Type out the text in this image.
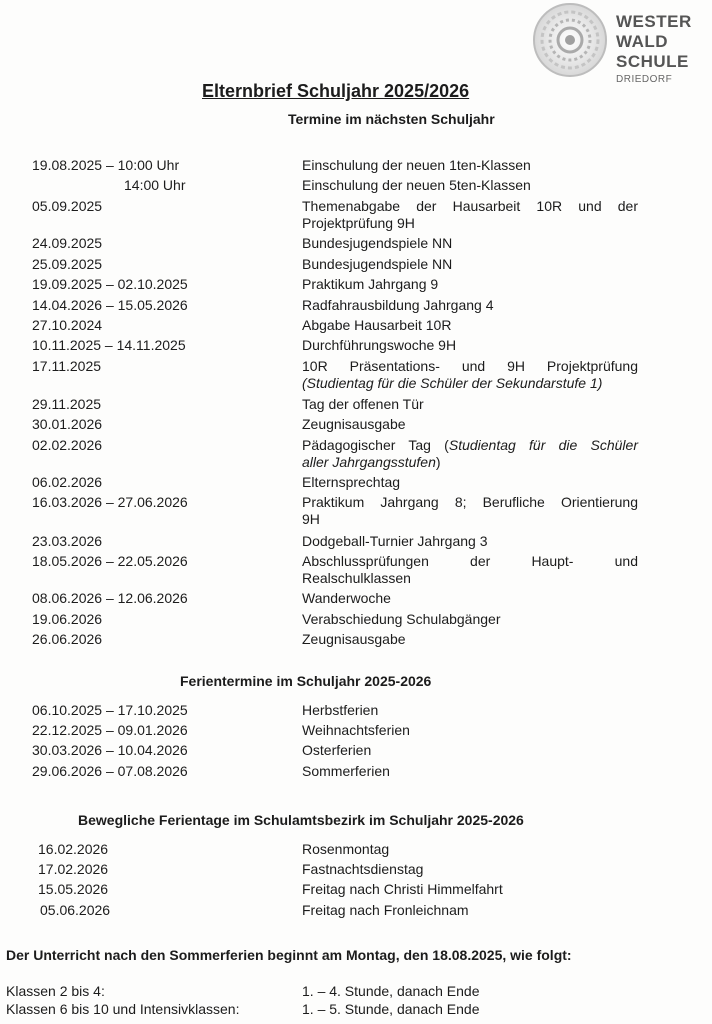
WESTER
WALD
SCHULE
DRIEDORF
Elternbrief Schuljahr 2025/2026
Termine im nächsten Schuljahr
19.08.2025 – 10:00 Uhr	Einschulung der neuen 1ten-Klassen
14:00 Uhr	Einschulung der neuen 5ten-Klassen
05.09.2025	Themenabgabe der Hausarbeit 10R und der
Projektprüfung 9H
24.09.2025	Bundesjugendspiele NN
25.09.2025	Bundesjugendspiele NN
19.09.2025 – 02.10.2025	Praktikum Jahrgang 9
14.04.2026 – 15.05.2026	Radfahrausbildung Jahrgang 4
27.10.2024	Abgabe Hausarbeit 10R
10.11.2025 – 14.11.2025	Durchführungswoche 9H
17.11.2025	10R Präsentations- und 9H Projektprüfung
(Studientag für die Schüler der Sekundarstufe 1)
29.11.2025	Tag der offenen Tür
30.01.2026	Zeugnisausgabe
02.02.2026	Pädagogischer Tag (Studientag für die Schüler
aller Jahrgangsstufen)
06.02.2026	Elternsprechtag
16.03.2026 – 27.06.2026	Praktikum Jahrgang 8; Berufliche Orientierung
9H
23.03.2026	Dodgeball-Turnier Jahrgang 3
18.05.2026 – 22.05.2026	Abschlussprüfungen der Haupt- und
Realschulklassen
08.06.2026 – 12.06.2026	Wanderwoche
19.06.2026	Verabschiedung Schulabgänger
26.06.2026	Zeugnisausgabe
Ferientermine im Schuljahr 2025-2026
06.10.2025 – 17.10.2025	Herbstferien
22.12.2025 – 09.01.2026	Weihnachtsferien
30.03.2026 – 10.04.2026	Osterferien
29.06.2026 – 07.08.2026	Sommerferien
Bewegliche Ferientage im Schulamtsbezirk im Schuljahr 2025-2026
16.02.2026	Rosenmontag
17.02.2026	Fastnachtsdienstag
15.05.2026	Freitag nach Christi Himmelfahrt
05.06.2026	Freitag nach Fronleichnam
Der Unterricht nach den Sommerferien beginnt am Montag, den 18.08.2025, wie folgt:
Klassen 2 bis 4:	1. – 4. Stunde, danach Ende
Klassen 6 bis 10 und Intensivklassen:	1. – 5. Stunde, danach Ende
